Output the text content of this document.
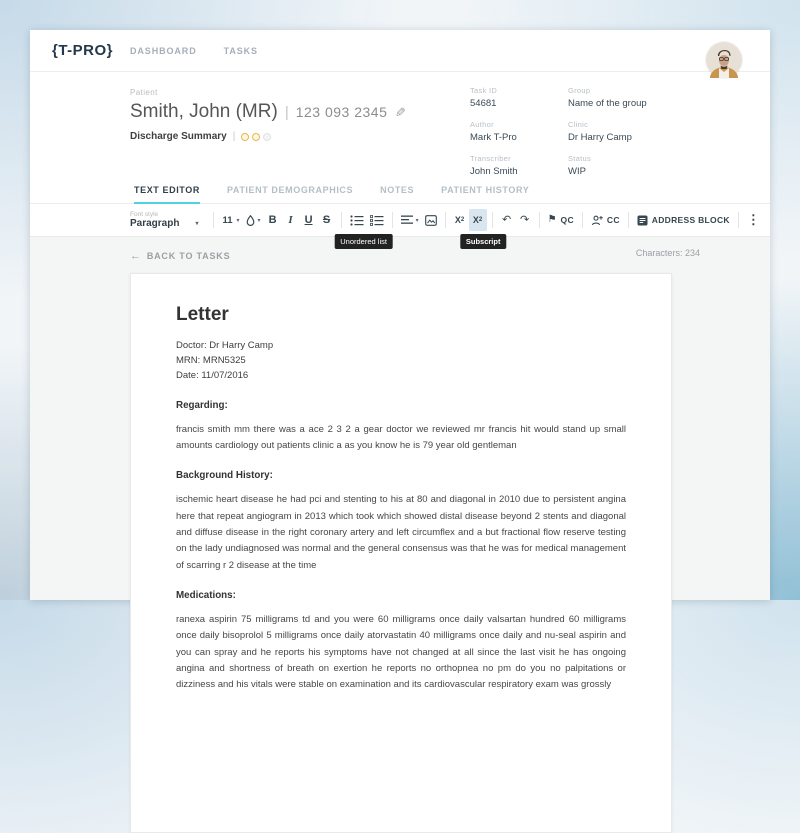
{T-PRO}	DASHBOARD	TASKS
Patient
Smith, John (MR) | 123 093 2345 ✎
Discharge Summary |
Task ID
54681
Group
Name of the group
Author
Mark T-Pro
Clinic
Dr Harry Camp
Transcriber
John Smith
Status
WIP
TEXT EDITOR	PATIENT DEMOGRAPHICS	NOTES	PATIENT HISTORY
Font style
Paragraph	▾	11 ▾	▾ B I U S
Unordered list
▾	X 2 X 2
Subscript
↶ ↷ ⚑ QC	CC	ADDRESS BLOCK ⋮
← BACK TO TASKS	Characters: 234
Letter
Doctor: Dr Harry Camp
MRN: MRN5325
Date: 11/07/2016
Regarding:
francis smith mm there was a ace 2 3 2 a gear doctor we reviewed mr francis hit would stand up small amounts cardiology out patients clinic a as you know he is 79 year old gentleman
Background History:
ischemic heart disease he had pci and stenting to his at 80 and diagonal in 2010 due to persistent angina here that repeat angiogram in 2013 which took which showed distal disease beyond 2 stents and diagonal and diffuse disease in the right coronary artery and left circumflex and a but fractional flow reserve testing on the lady undiagnosed was normal and the general consensus was that he was for medical management of scarring r 2 disease at the time
Medications:
ranexa aspirin 75 milligrams td and you were 60 milligrams once daily valsartan hundred 60 milligrams once daily bisoprolol 5 milligrams once daily atorvastatin 40 milligrams once daily and nu-seal aspirin and you can spray and he reports his symptoms have not changed at all since the last visit he has ongoing angina and shortness of breath on exertion he reports no orthopnea no pm do you no palpitations or dizziness and his vitals were stable on examination and its cardiovascular respiratory exam was grossly
